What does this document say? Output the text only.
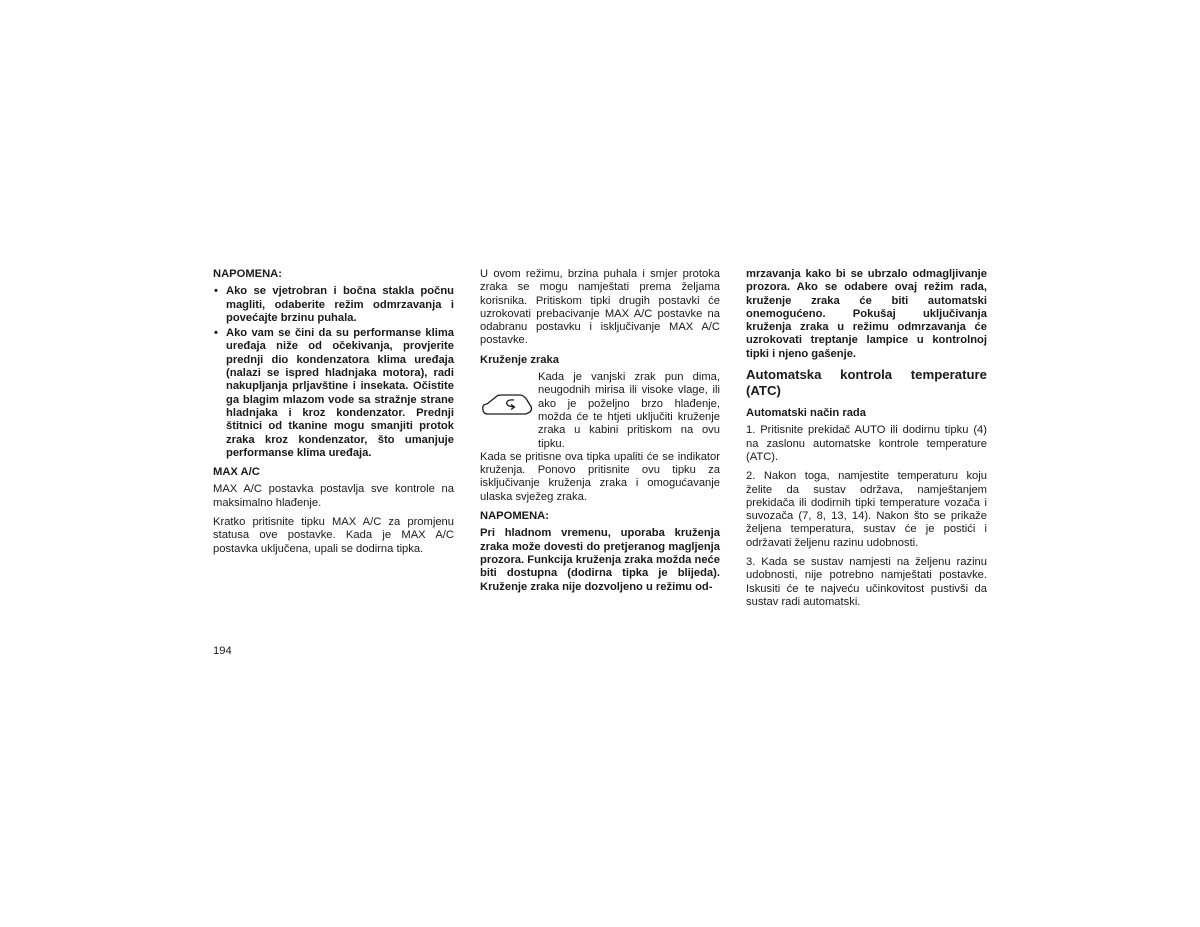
NAPOMENA:

• Ako se vjetrobran i bočna stakla počnu magliti, odaberite režim odmrzavanja i povećajte brzinu puhala.
• Ako vam se čini da su performanse klima uređaja niže od očekivanja, provjerite prednji dio kondenzatora klima uređaja (nalazi se ispred hladnjaka motora), radi nakupljanja prljavštine i insekata. Očistite ga blagim mlazom vode sa stražnje strane hladnjaka i kroz kondenzator. Prednji štitnici od tkanine mogu smanjiti protok zraka kroz kondenzator, što umanjuje performanse klima uređaja.

MAX A/C

MAX A/C postavka postavlja sve kontrole na maksimalno hlađenje.

Kratko pritisnite tipku MAX A/C za promjenu statusa ove postavke. Kada je MAX A/C postavka uključena, upali se dodirna tipka.

U ovom režimu, brzina puhala i smjer protoka zraka se mogu namještati prema željama korisnika. Pritiskom tipki drugih postavki će uzrokovati prebacivanje MAX A/C postavke na odabranu postavku i isključivanje MAX A/C postavke.

Kruženje zraka

Kada je vanjski zrak pun dima, neugodnih mirisa ili visoke vlage, ili ako je poželjno brzo hlađenje, možda će te htjeti uključiti kruženje zraka u kabini pritiskom na ovu tipku.

Kada se pritisne ova tipka upaliti će se indikator kruženja. Ponovo pritisnite ovu tipku za isključivanje kruženja zraka i omogućavanje ulaska svježeg zraka.

NAPOMENA:

Pri hladnom vremenu, uporaba kruženja zraka može dovesti do pretjeranog magljenja prozora. Funkcija kruženja zraka možda neće biti dostupna (dodirna tipka je blijeda). Kruženje zraka nije dozvoljeno u režimu od-

mrzavanja kako bi se ubrzalo odmagljivanje prozora. Ako se odabere ovaj režim rada, kruženje zraka će biti automatski onemogućeno. Pokušaj uključivanja kruženja zraka u režimu odmrzavanja će uzrokovati treptanje lampice u kontrolnoj tipki i njeno gašenje.

Automatska kontrola temperature (ATC)

Automatski način rada

1. Pritisnite prekidač AUTO ili dodirnu tipku (4) na zaslonu automatske kontrole temperature (ATC).

2. Nakon toga, namjestite temperaturu koju želite da sustav održava, namještanjem prekidača ili dodirnih tipki temperature vozača i suvozača (7, 8, 13, 14). Nakon što se prikaže željena temperatura, sustav će je postići i održavati željenu razinu udobnosti.

3. Kada se sustav namjesti na željenu razinu udobnosti, nije potrebno namještati postavke. Iskusiti će te najveću učinkovitost pustivši da sustav radi automatski.

194
